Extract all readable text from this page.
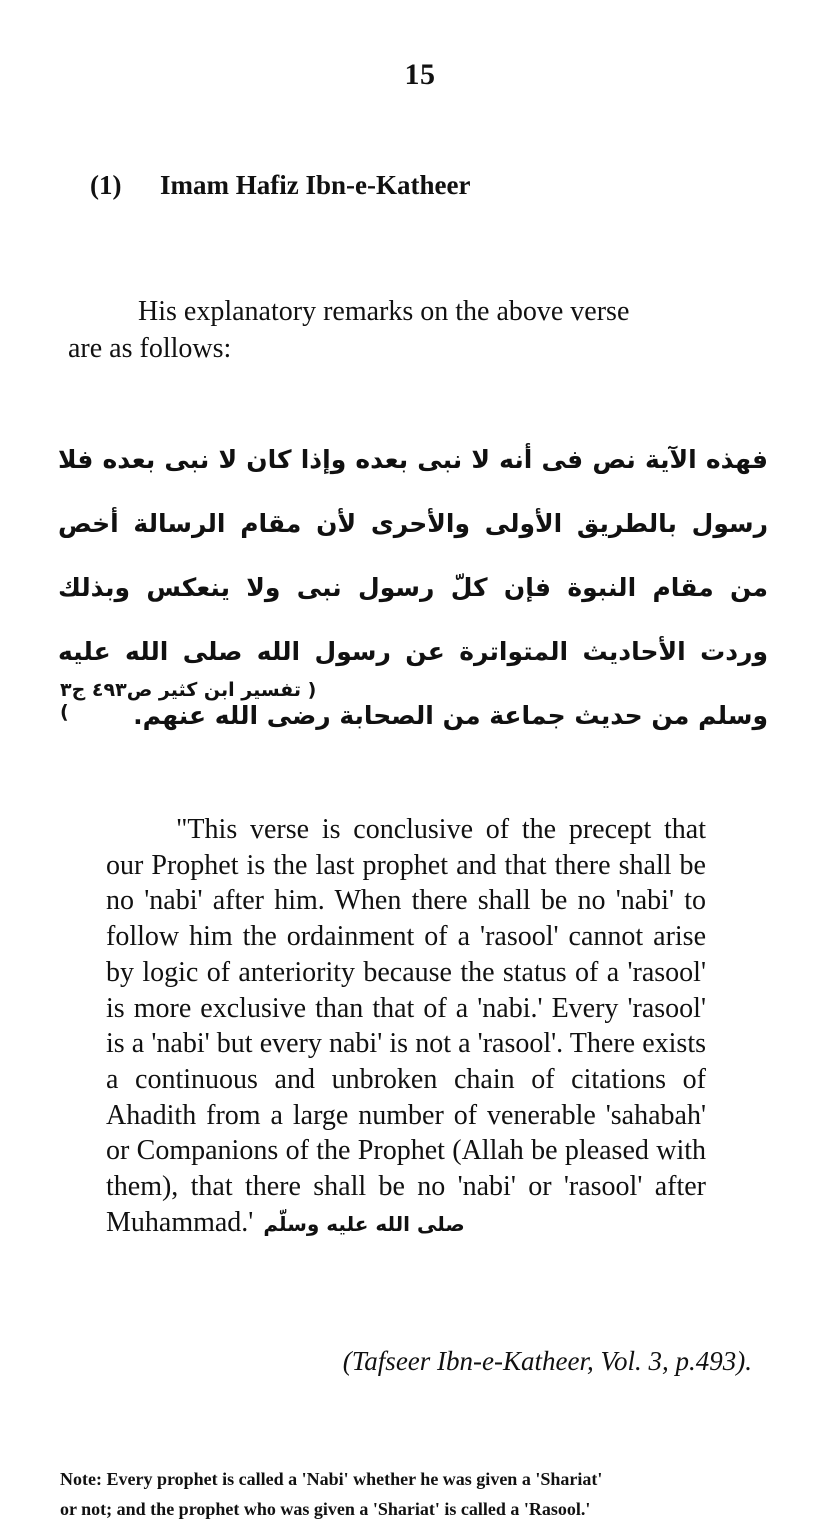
15
(1) Imam Hafiz Ibn-e-Katheer
His explanatory remarks on the above verse
are as follows:
فهذه الآية نص فى أنه لا نبى بعده وإذا كان لا نبى بعده فلا رسول بالطريق الأولى والأحرى لأن مقام الرسالة أخص من مقام النبوة فإن كلّ رسول نبى ولا ينعكس وبذلك وردت الأحاديث المتواترة عن رسول الله صلى الله عليه وسلم من حديث جماعة من الصحابة رضى الله عنهم.
( تفسير ابن كثير ص٤٩٣ ج٣ )
"This verse is conclusive of the precept that our Prophet is the last prophet and that there shall be no 'nabi' after him. When there shall be no 'nabi' to follow him the ordainment of a 'rasool' cannot arise by logic of anteriority because the status of a 'rasool' is more exclusive than that of a 'nabi.' Every 'rasool' is a 'nabi' but every nabi' is not a 'rasool'. There exists a continuous and unbroken chain of citations of Ahadith from a large number of venerable 'sahabah' or Companions of the Prophet (Allah be pleased with them), that there shall be no 'nabi' or 'rasool' after Muhammad.' صلى الله عليه وسلّم
(Tafseer Ibn-e-Katheer, Vol. 3, p.493).

Note: Every prophet is called a 'Nabi' whether he was given a 'Shariat'

or not; and the prophet who was given a 'Shariat' is called a 'Rasool.'
